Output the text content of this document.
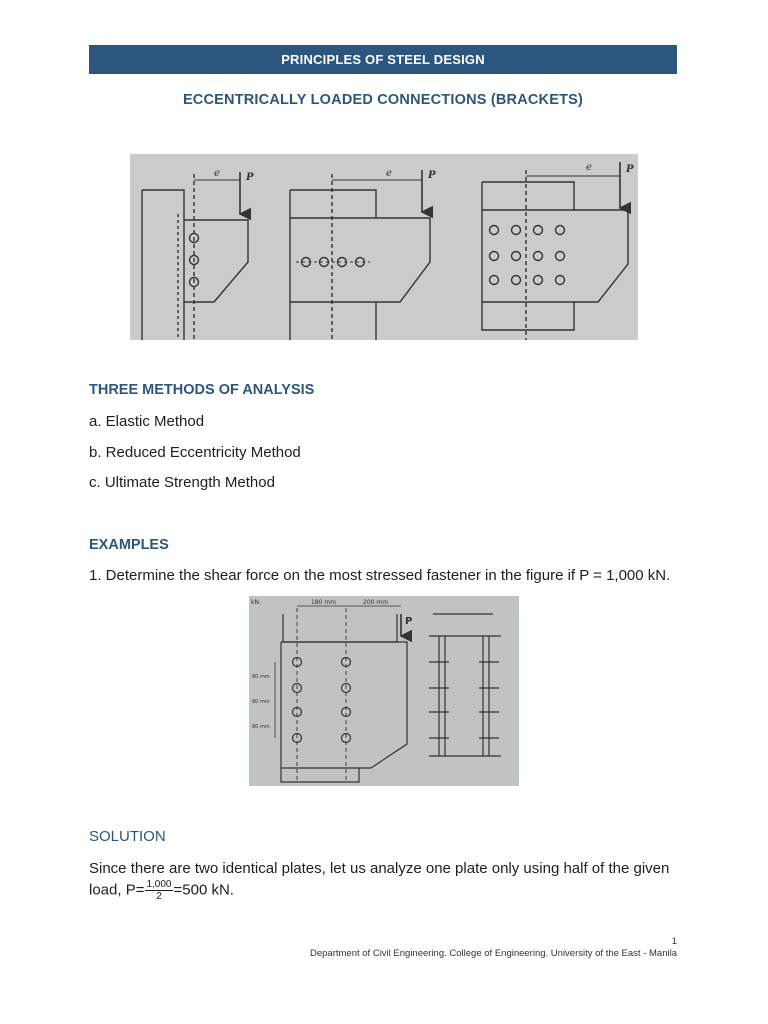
PRINCIPLES OF STEEL DESIGN
ECCENTRICALLY LOADED CONNECTIONS (BRACKETS)
e	P	e	P
e	P
THREE METHODS OF ANALYSIS
a. Elastic Method
b. Reduced Eccentricity Method
c. Ultimate Strength Method
EXAMPLES
1. Determine the shear force on the most stressed fastener in the figure if P = 1,000 kN.
kN.	180 mm	200 mm
P
80 mm
80 mm
80 mm
SOLUTION
Since there are two identical plates, let us analyze one plate only using half of the given
load, $P= \frac{1,000}{2} =500$ kN.
1
Department of Civil Engineering. College of Engineering. University of the East - Manila
